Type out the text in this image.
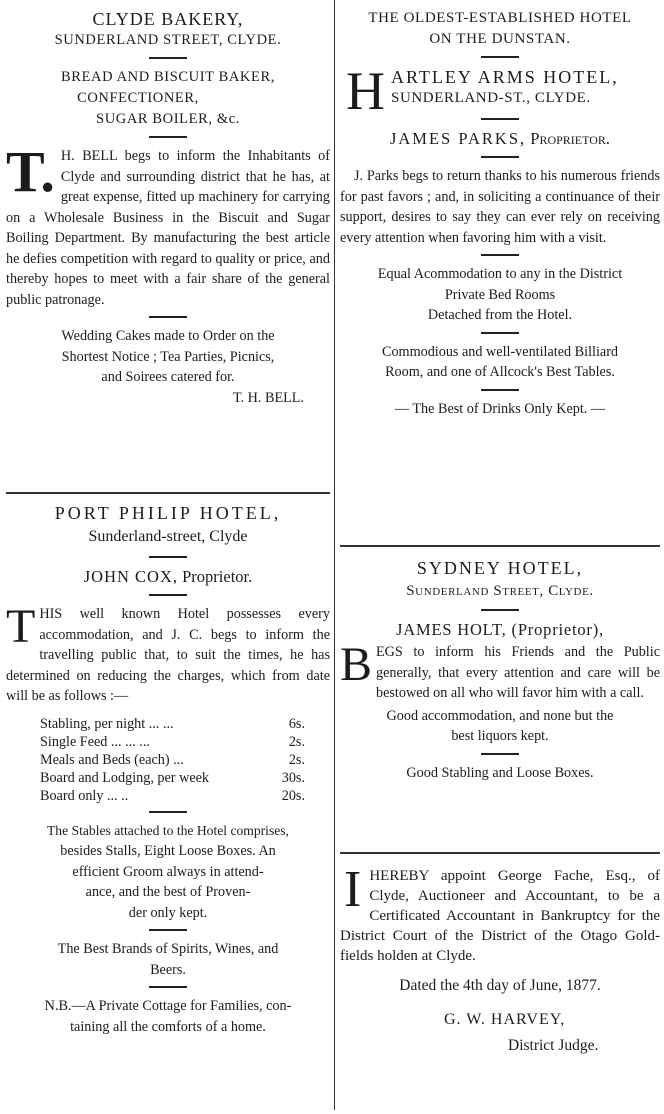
CLYDE BAKERY,

SUNDERLAND STREET, CLYDE.

BREAD AND BISCUIT BAKER,

CONFECTIONER,

SUGAR BOILER, &c.

T. H. BELL begs to inform the Inhabitants of Clyde and surrounding district that he has, at great expense, fitted up machinery for carrying on a Wholesale Business in the Biscuit and Sugar Boiling Department. By manufacturing the best article he defies competition with regard to quality or price, and thereby hopes to meet with a fair share of the general public patronage.

Wedding Cakes made to Order on the

Shortest Notice ; Tea Parties, Picnics,

and Soirees catered for.

T. H. BELL.

PORT PHILIP HOTEL,

Sunderland-street, Clyde

JOHN COX, Proprietor.

T HIS well known Hotel possesses every accommodation, and J. C. begs to inform the travelling public that, to suit the times, he has determined on reducing the charges, which from date will be as follows :—
Stabling, per night ... ...	6s.
Single Feed ... ... ...	2s.
Meals and Beds (each) ...	2s.
Board and Lodging, per week	30s.
Board only ... ..	20s.

The Stables attached to the Hotel comprises,

besides Stalls, Eight Loose Boxes. An

efficient Groom always in attend-

ance, and the best of Proven-

der only kept.

The Best Brands of Spirits, Wines, and

Beers.

N.B.—A Private Cottage for Families, con-

taining all the comforts of a home.

THE OLDEST-ESTABLISHED HOTEL

ON THE DUNSTAN.

H ARTLEY ARMS HOTEL,

SUNDERLAND-ST., CLYDE.

JAMES PARKS, Proprietor.

J. Parks begs to return thanks to his numerous friends for past favors ; and, in soliciting a continuance of their support, desires to say they can ever rely on receiving every attention when favoring him with a visit.

Equal Acommodation to any in the District

Private Bed Rooms

Detached from the Hotel.

Commodious and well-ventilated Billiard

Room, and one of Allcock's Best Tables.

— The Best of Drinks Only Kept. —

SYDNEY HOTEL,

Sunderland Street, Clyde.

JAMES HOLT, (Proprietor),

B EGS to inform his Friends and the Public generally, that every attention and care will be bestowed on all who will favor him with a call.

Good accommodation, and none but the

best liquors kept.

Good Stabling and Loose Boxes.

I HEREBY appoint George Fache, Esq., of Clyde, Auctioneer and Accountant, to be a Certificated Accountant in Bankruptcy for the District Court of the District of the Otago Gold-fields holden at Clyde.

Dated the 4th day of June, 1877.

G. W. HARVEY,

District Judge.
